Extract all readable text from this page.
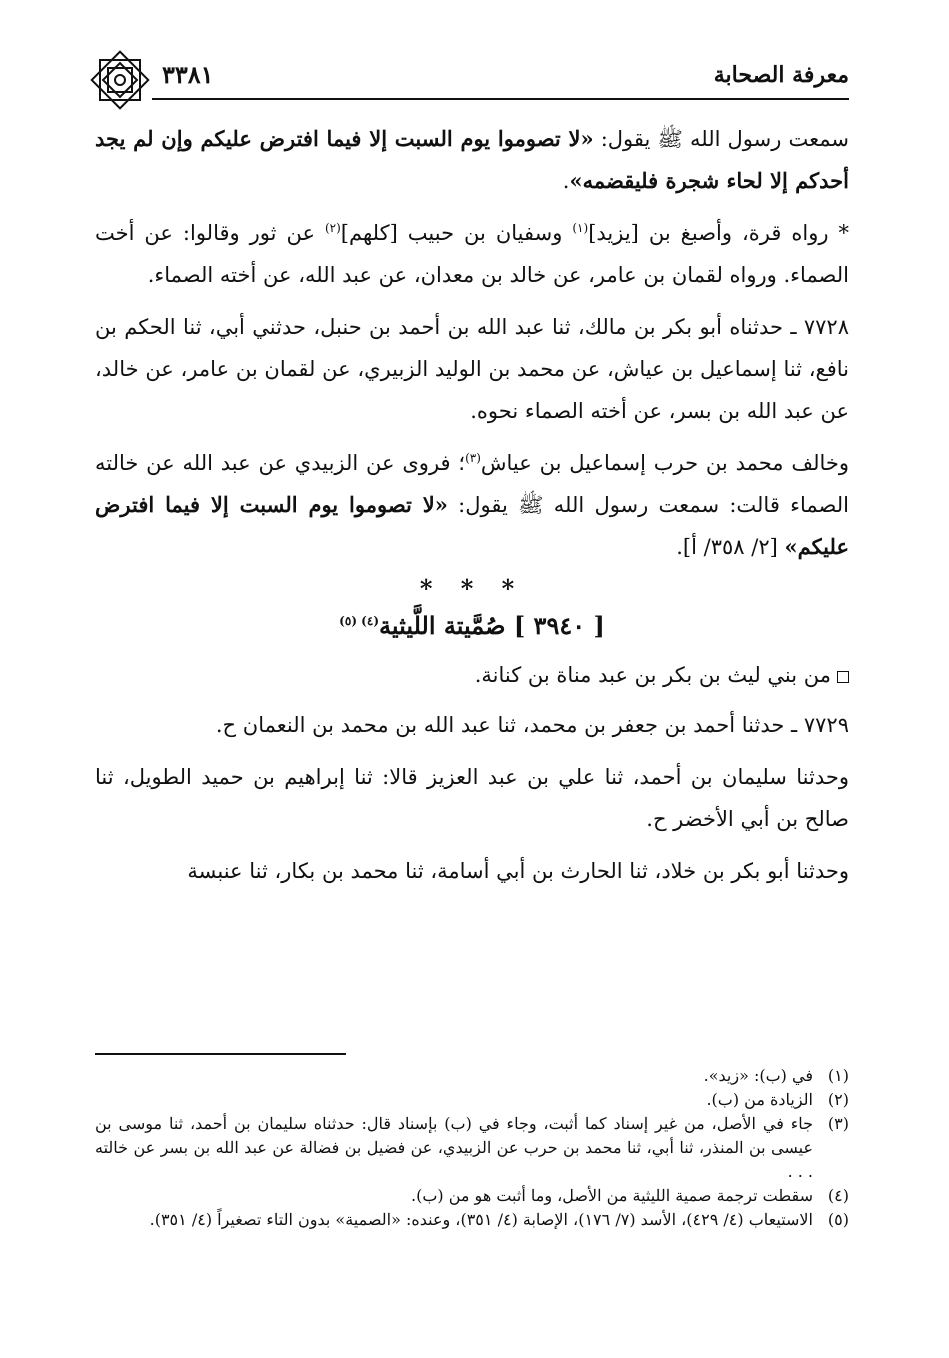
معرفة الصحابة
٣٣٨١

سمعت رسول الله ﷺ يقول: «لا تصوموا يوم السبت إلا فيما افترض عليكم وإن لم يجد أحدكم إلا لحاء شجرة فليقضمه».

* رواه قرة، وأصبغ بن [يزيد]$^{(١)}$ وسفيان بن حبيب [كلهم]$^{(٢)}$ عن ثور وقالوا: عن أخت الصماء. ورواه لقمان بن عامر، عن خالد بن معدان، عن عبد الله، عن أخته الصماء.

٧٧٢٨ ـ حدثناه أبو بكر بن مالك، ثنا عبد الله بن أحمد بن حنبل، حدثني أبي، ثنا الحكم بن نافع، ثنا إسماعيل بن عياش، عن محمد بن الوليد الزبيري، عن لقمان بن عامر، عن خالد، عن عبد الله بن بسر، عن أخته الصماء نحوه.

وخالف محمد بن حرب إسماعيل بن عياش$^{(٣)}$؛ فروى عن الزبيدي عن عبد الله عن خالته الصماء قالت: سمعت رسول الله ﷺ يقول: «لا تصوموا يوم السبت إلا فيما افترض عليكم» [٢/ ٣٥٨/ أ].

* * *
[ ٣٩٤٠ ] صُمَّيتة اللَّيثية$^{(٤) (٥)}$

من بني ليث بن بكر بن عبد مناة بن كنانة.

٧٧٢٩ ـ حدثنا أحمد بن جعفر بن محمد، ثنا عبد الله بن محمد بن النعمان ح.

وحدثنا سليمان بن أحمد، ثنا علي بن عبد العزيز قالا: ثنا إبراهيم بن حميد الطويل، ثنا صالح بن أبي الأخضر ح.

وحدثنا أبو بكر بن خلاد، ثنا الحارث بن أبي أسامة، ثنا محمد بن بكار، ثنا عنبسة

(١)
في (ب): «زيد».
(٢)
الزيادة من (ب).
(٣)
جاء في الأصل، من غير إسناد كما أثبت، وجاء في (ب) بإسناد قال: حدثناه سليمان بن أحمد، ثنا موسى بن عيسى بن المنذر، ثنا أبي، ثنا محمد بن حرب عن الزبيدي، عن فضيل بن فضالة عن عبد الله بن بسر عن خالته . . .
(٤)
سقطت ترجمة صمية الليثية من الأصل، وما أثبت هو من (ب).
(٥)
الاستيعاب (٤/ ٤٢٩)، الأسد (٧/ ١٧٦)، الإصابة (٤/ ٣٥١)، وعنده: «الصمية» بدون التاء تصغيراً (٤/ ٣٥١).
